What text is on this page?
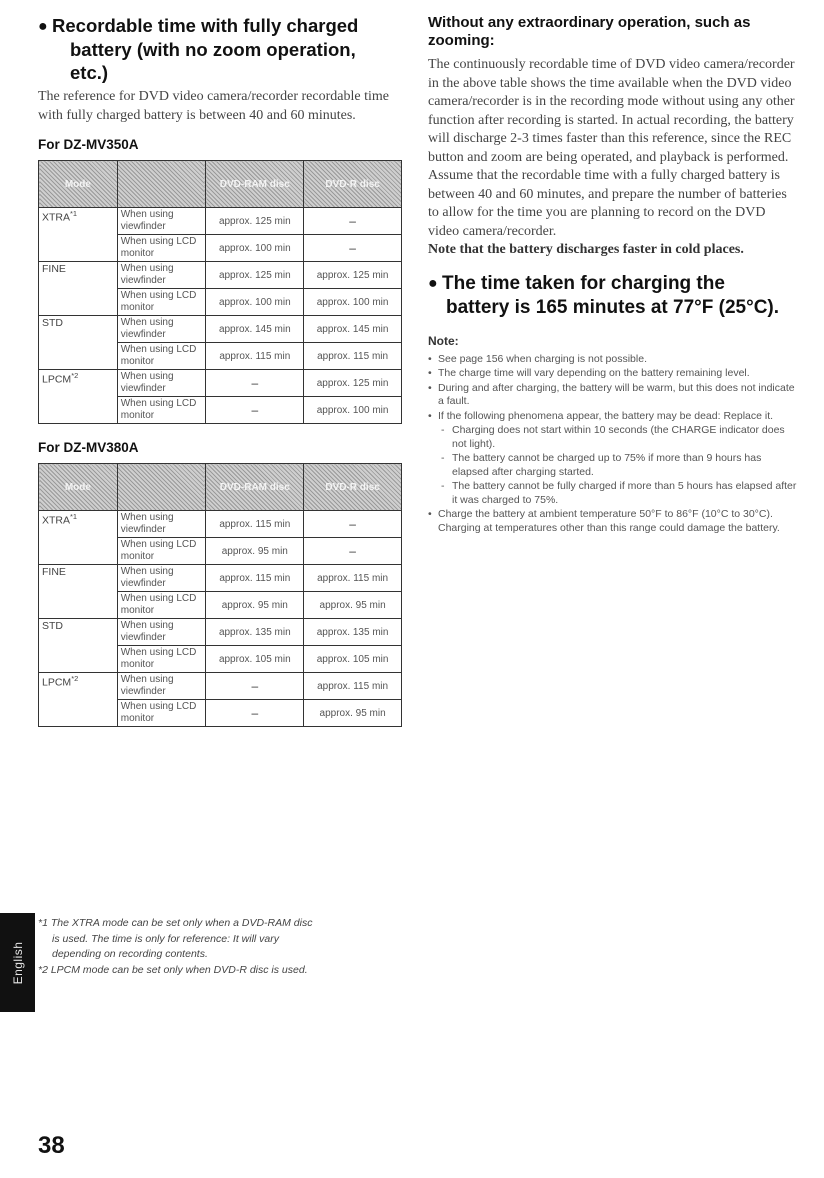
● Recordable time with fully charged
battery (with no zoom operation,
etc.)

The reference for DVD video camera/recorder recordable time with fully charged battery is between 40 and 60 minutes.

For DZ-MV350A
Mode		DVD-RAM disc	DVD-R disc
XTRA$^{*1}$	When using viewfinder	approx. 125 min	–
	When using LCD monitor	approx. 100 min	–
FINE	When using viewfinder	approx. 125 min	approx. 125 min
	When using LCD monitor	approx. 100 min	approx. 100 min
STD	When using viewfinder	approx. 145 min	approx. 145 min
	When using LCD monitor	approx. 115 min	approx. 115 min
LPCM$^{*2}$	When using viewfinder	–	approx. 125 min
	When using LCD monitor	–	approx. 100 min
For DZ-MV380A
Mode		DVD-RAM disc	DVD-R disc
XTRA$^{*1}$	When using viewfinder	approx. 115 min	–
	When using LCD monitor	approx. 95 min	–
FINE	When using viewfinder	approx. 115 min	approx. 115 min
	When using LCD monitor	approx. 95 min	approx. 95 min
STD	When using viewfinder	approx. 135 min	approx. 135 min
	When using LCD monitor	approx. 105 min	approx. 105 min
LPCM$^{*2}$	When using viewfinder	–	approx. 115 min
	When using LCD monitor	–	approx. 95 min
*1 The XTRA mode can be set only when a DVD-RAM disc
is used. The time is only for reference: It will vary
depending on recording contents.
*2 LPCM mode can be set only when DVD-R disc is used.
Without any extraordinary operation, such as zooming:

The continuously recordable time of DVD video camera/recorder in the above table shows the time available when the DVD video camera/recorder is in the recording mode without using any other function after recording is started. In actual recording, the battery will discharge 2-3 times faster than this reference, since the REC button and zoom are being operated, and playback is performed. Assume that the recordable time with a fully charged battery is between 40 and 60 minutes, and prepare the number of batteries to allow for the time you are planning to record on the DVD video camera/recorder.

Note that the battery discharges faster in cold places.

● The time taken for charging the
battery is 165 minutes at 77°F (25°C).
Note:
• See page 156 when charging is not possible.
• The charge time will vary depending on the battery remaining level.
• During and after charging, the battery will be warm, but this does not indicate a fault.
• If the following phenomena appear, the battery may be dead: Replace it.
- Charging does not start within 10 seconds (the CHARGE indicator does not light).
- The battery cannot be charged up to 75% if more than 9 hours has elapsed after charging started.
- The battery cannot be fully charged if more than 5 hours has elapsed after it was charged to 75%.
• Charge the battery at ambient temperature 50°F to 86°F (10°C to 30°C). Charging at temperatures other than this range could damage the battery.
English
38
